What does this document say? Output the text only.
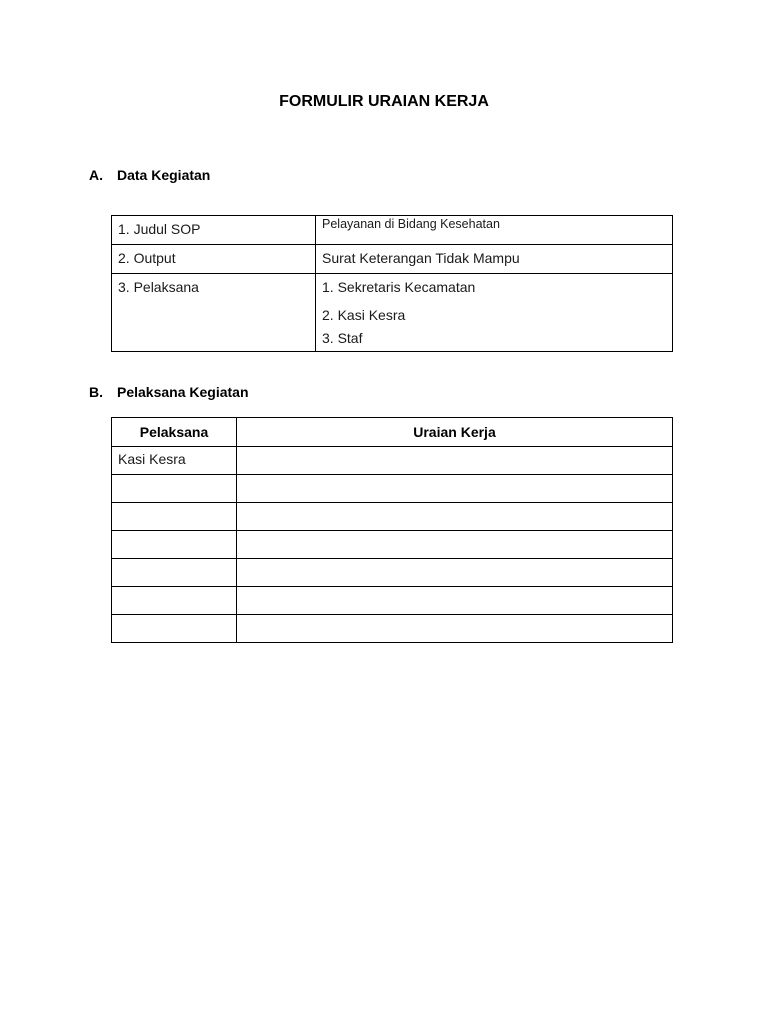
FORMULIR URAIAN KERJA
A. Data Kegiatan
1. Judul SOP	Pelayanan di Bidang Kesehatan
2. Output	Surat Keterangan Tidak Mampu
3. Pelaksana	1. Sekretaris Kecamatan
2. Kasi Kesra
3. Staf
B. Pelaksana Kegiatan
Pelaksana	Uraian Kerja
Kasi Kesra	
